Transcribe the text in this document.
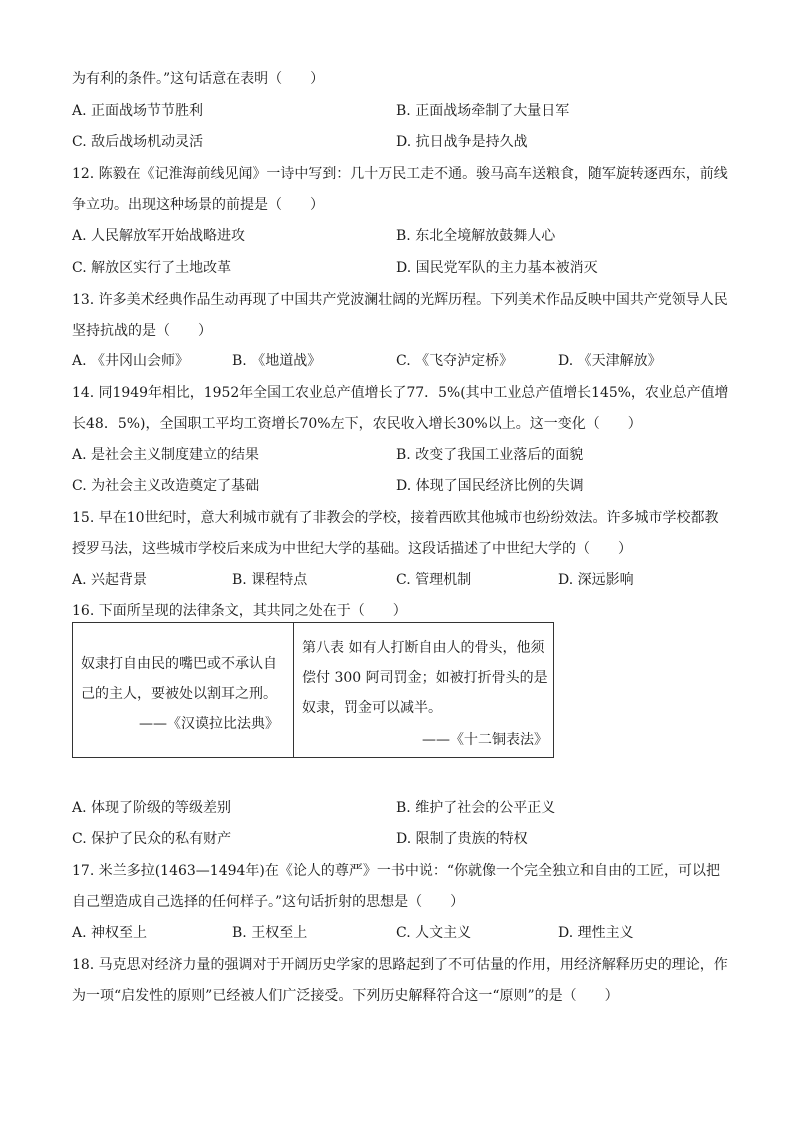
为有利的条件。”这句话意在表明（　　）
A. 正面战场节节胜利	B. 正面战场牵制了大量日军
C. 敌后战场机动灵活	D. 抗日战争是持久战
12. 陈毅在《记淮海前线见闻》一诗中写到：几十万民工走不通。骏马高车送粮食，随军旋转逐西东，前线
争立功。出现这种场景的前提是（　　）
A. 人民解放军开始战略进攻	B. 东北全境解放鼓舞人心
C. 解放区实行了土地改革	D. 国民党军队的主力基本被消灭
13. 许多美术经典作品生动再现了中国共产党波澜壮阔的光辉历程。下列美术作品反映中国共产党领导人民
坚持抗战的是（　　）
A. 《井冈山会师》	B. 《地道战》	C. 《飞夺泸定桥》	D. 《天津解放》
14. 同1949年相比，1952年全国工农业总产值增长了77．5%(其中工业总产值增长145%，农业总产值增
长48．5%)，全国职工平均工资增长70%左下，农民收入增长30%以上。这一变化（　　）
A. 是社会主义制度建立的结果	B. 改变了我国工业落后的面貌
C. 为社会主义改造奠定了基础	D. 体现了国民经济比例的失调
15. 早在10世纪时，意大利城市就有了非教会的学校，接着西欧其他城市也纷纷效法。许多城市学校都教
授罗马法，这些城市学校后来成为中世纪大学的基础。这段话描述了中世纪大学的（　　）
A. 兴起背景	B. 课程特点	C. 管理机制	D. 深远影响
16. 下面所呈现的法律条文，其共同之处在于（　　）
奴隶打自由民的嘴巴或不承认自
己的主人，要被处以割耳之刑。
——《汉谟拉比法典》
第八表 如有人打断自由人的骨头，他须
偿付 300 阿司罚金；如被打折骨头的是
奴隶，罚金可以减半。
——《十二铜表法》
A. 体现了阶级的等级差别	B. 维护了社会的公平正义
C. 保护了民众的私有财产	D. 限制了贵族的特权
17. 米兰多拉(1463—1494年)在《论人的尊严》一书中说：“你就像一个完全独立和自由的工匠，可以把
自己塑造成自己选择的任何样子。”这句话折射的思想是（　　）
A. 神权至上	B. 王权至上	C. 人文主义	D. 理性主义
18. 马克思对经济力量的强调对于开阔历史学家的思路起到了不可估量的作用，用经济解释历史的理论，作
为一项“启发性的原则”已经被人们广泛接受。下列历史解释符合这一“原则”的是（　　）
